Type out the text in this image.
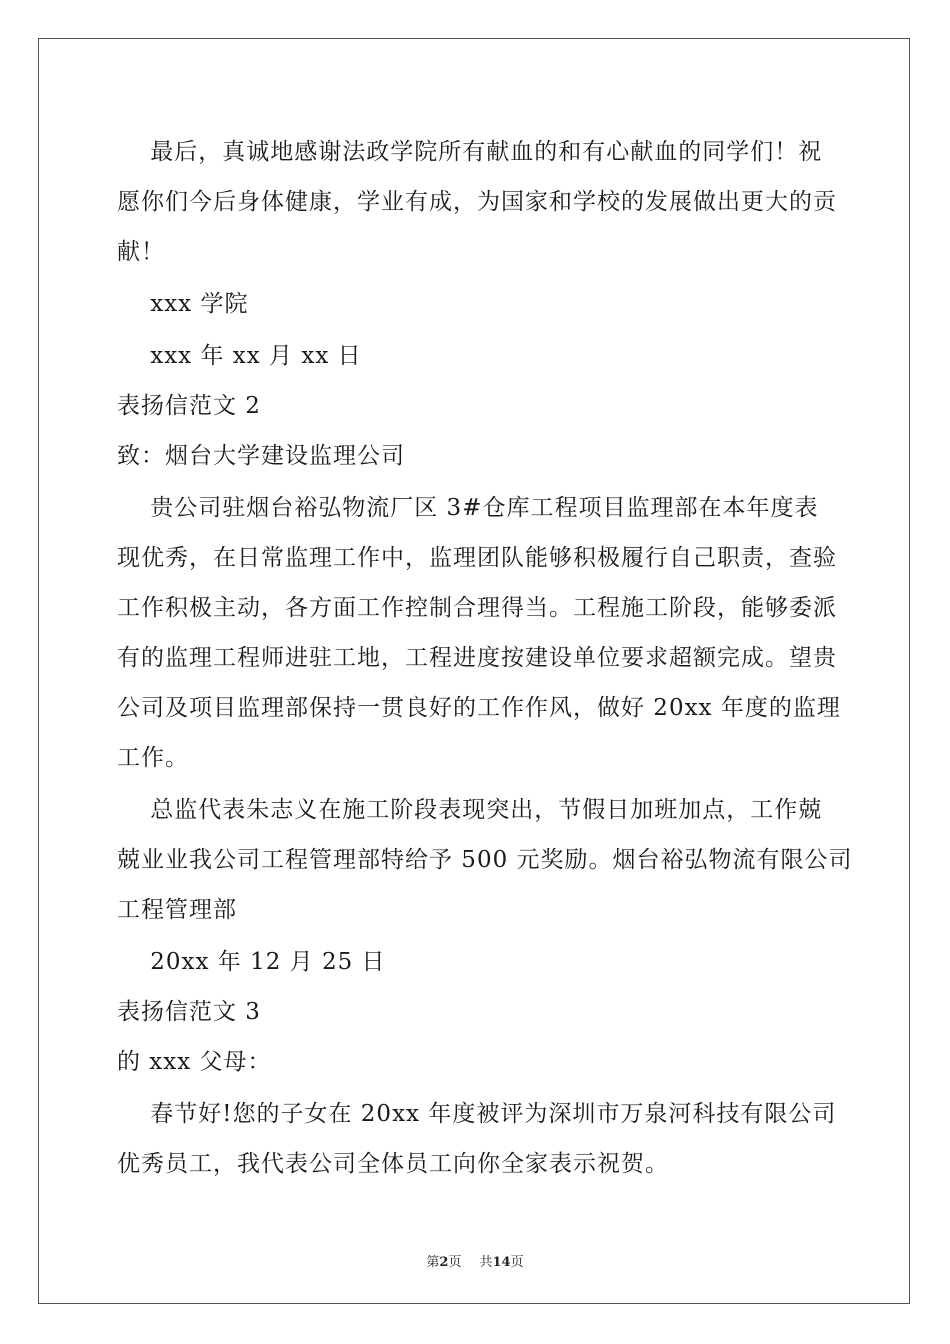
最后，真诚地感谢法政学院所有献血的和有心献血的同学们！祝
愿你们今后身体健康，学业有成，为国家和学校的发展做出更大的贡
献！
xxx 学院
xxx 年 xx 月 xx 日
表扬信范文 2
致：烟台大学建设监理公司
贵公司驻烟台裕弘物流厂区 3#仓库工程项目监理部在本年度表
现优秀，在日常监理工作中，监理团队能够积极履行自己职责，查验
工作积极主动，各方面工作控制合理得当。工程施工阶段，能够委派
有的监理工程师进驻工地，工程进度按建设单位要求超额完成。望贵
公司及项目监理部保持一贯良好的工作作风，做好 20xx 年度的监理
工作。
总监代表朱志义在施工阶段表现突出，节假日加班加点，工作兢
兢业业我公司工程管理部特给予 500 元奖励。烟台裕弘物流有限公司
工程管理部
20xx 年 12 月 25 日
表扬信范文 3
的 xxx 父母：
春节好!您的子女在 20xx 年度被评为深圳市万泉河科技有限公司
优秀员工，我代表公司全体员工向你全家表示祝贺。
第2页 共14页
